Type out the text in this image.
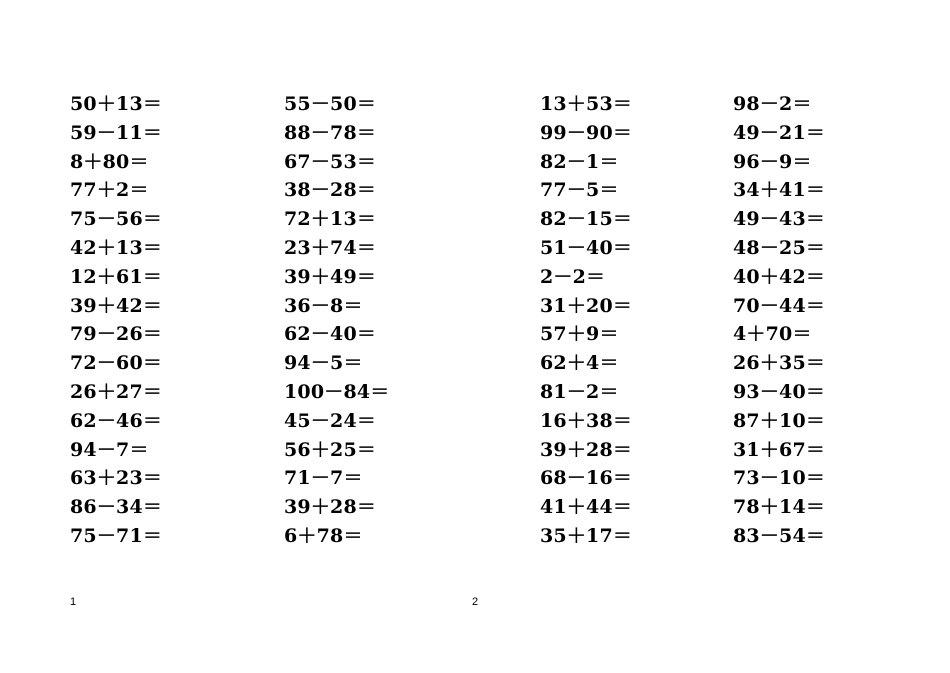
50＋13＝
59－11＝
8＋80＝
77＋2＝
75－56＝
42＋13＝
12＋61＝
39＋42＝
79－26＝
72－60＝
26＋27＝
62－46＝
94－7＝
63＋23＝
86－34＝
75－71＝
55－50＝
88－78＝
67－53＝
38－28＝
72＋13＝
23＋74＝
39＋49＝
36－8＝
62－40＝
94－5＝
100－84＝
45－24＝
56＋25＝
71－7＝
39＋28＝
6＋78＝
13＋53＝
99－90＝
82－1＝
77－5＝
82－15＝
51－40＝
2－2＝
31＋20＝
57＋9＝
62＋4＝
81－2＝
16＋38＝
39＋28＝
68－16＝
41＋44＝
35＋17＝
98－2＝
49－21＝
96－9＝
34＋41＝
49－43＝
48－25＝
40＋42＝
70－44＝
4＋70＝
26＋35＝
93－40＝
87＋10＝
31＋67＝
73－10＝
78＋14＝
83－54＝
1	2
